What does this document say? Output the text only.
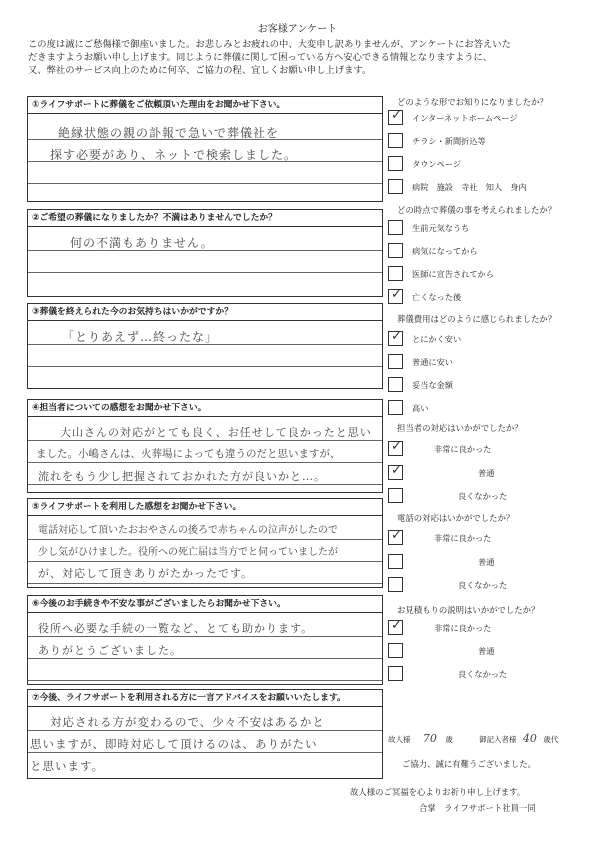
お客様アンケート
この度は誠にご愁傷様で御座いました。お悲しみとお疲れの中、大変申し訳ありませんが、アンケートにお答えいた
だきますようお願い申し上げます。同じように葬儀に関して困っている方へ安心できる情報となりますように、
又、弊社のサービス向上のために何卒、ご協力の程、宜しくお願い申し上げます。
①ライフサポートに葬儀をご依頼頂いた理由をお聞かせ下さい。
絶縁状態の親の訃報で急いで葬儀社を
探す必要があり、ネットで検索しました。
②ご希望の葬儀になりましたか？不満はありませんでしたか？
何の不満もありません。
③葬儀を終えられた今のお気持ちはいかがですか？
「とりあえず…終ったな」
④担当者についての感想をお聞かせ下さい。
大山さんの対応がとても良く、お任せして良かったと思い
ました。小嶋さんは、火葬場によっても違うのだと思いますが、
流れをもう少し把握されておかれた方が良いかと…。
⑤ライフサポートを利用した感想をお聞かせ下さい。
電話対応して頂いたおおやさんの後ろで赤ちゃんの泣声がしたので
少し気がひけました。役所への死亡届は当方でと伺っていましたが
が、対応して頂きありがたかったです。
⑥今後のお手続きや不安な事がございましたらお聞かせ下さい。
役所へ必要な手続の一覧など、とても助かります。
ありがとうございました。
⑦今後、ライフサポートを利用される方に一言アドバイスをお願いいたします。
対応される方が変わるので、少々不安はあるかと
思いますが、即時対応して頂けるのは、ありがたい
と思います。
どのような形でお知りになりましたか？
✓ インターネットホームページ
チラシ・新聞折込等
タウンページ
病院　施設　寺社　知人　身内
どの時点で葬儀の事を考えられましたか？
生前元気なうち
病気になってから
医師に宣告されてから
✓ 亡くなった後
葬儀費用はどのように感じられましたか？
✓ とにかく安い
普通に安い
妥当な金額
高い
担当者の対応はいかがでしたか？
✓	非常に良かった
✓	普通
良くなかった
電話の対応はいかがでしたか？
✓	非常に良かった
普通
良くなかった
お見積もりの説明はいかがでしたか？
✓	非常に良かった
普通
良くなかった
故人様 70 歳	御記入者様 40 歳代
ご協力、誠に有難うございました。
故人様のご冥福を心よりお祈り申し上げます。
合掌　ライフサポート社員一同
